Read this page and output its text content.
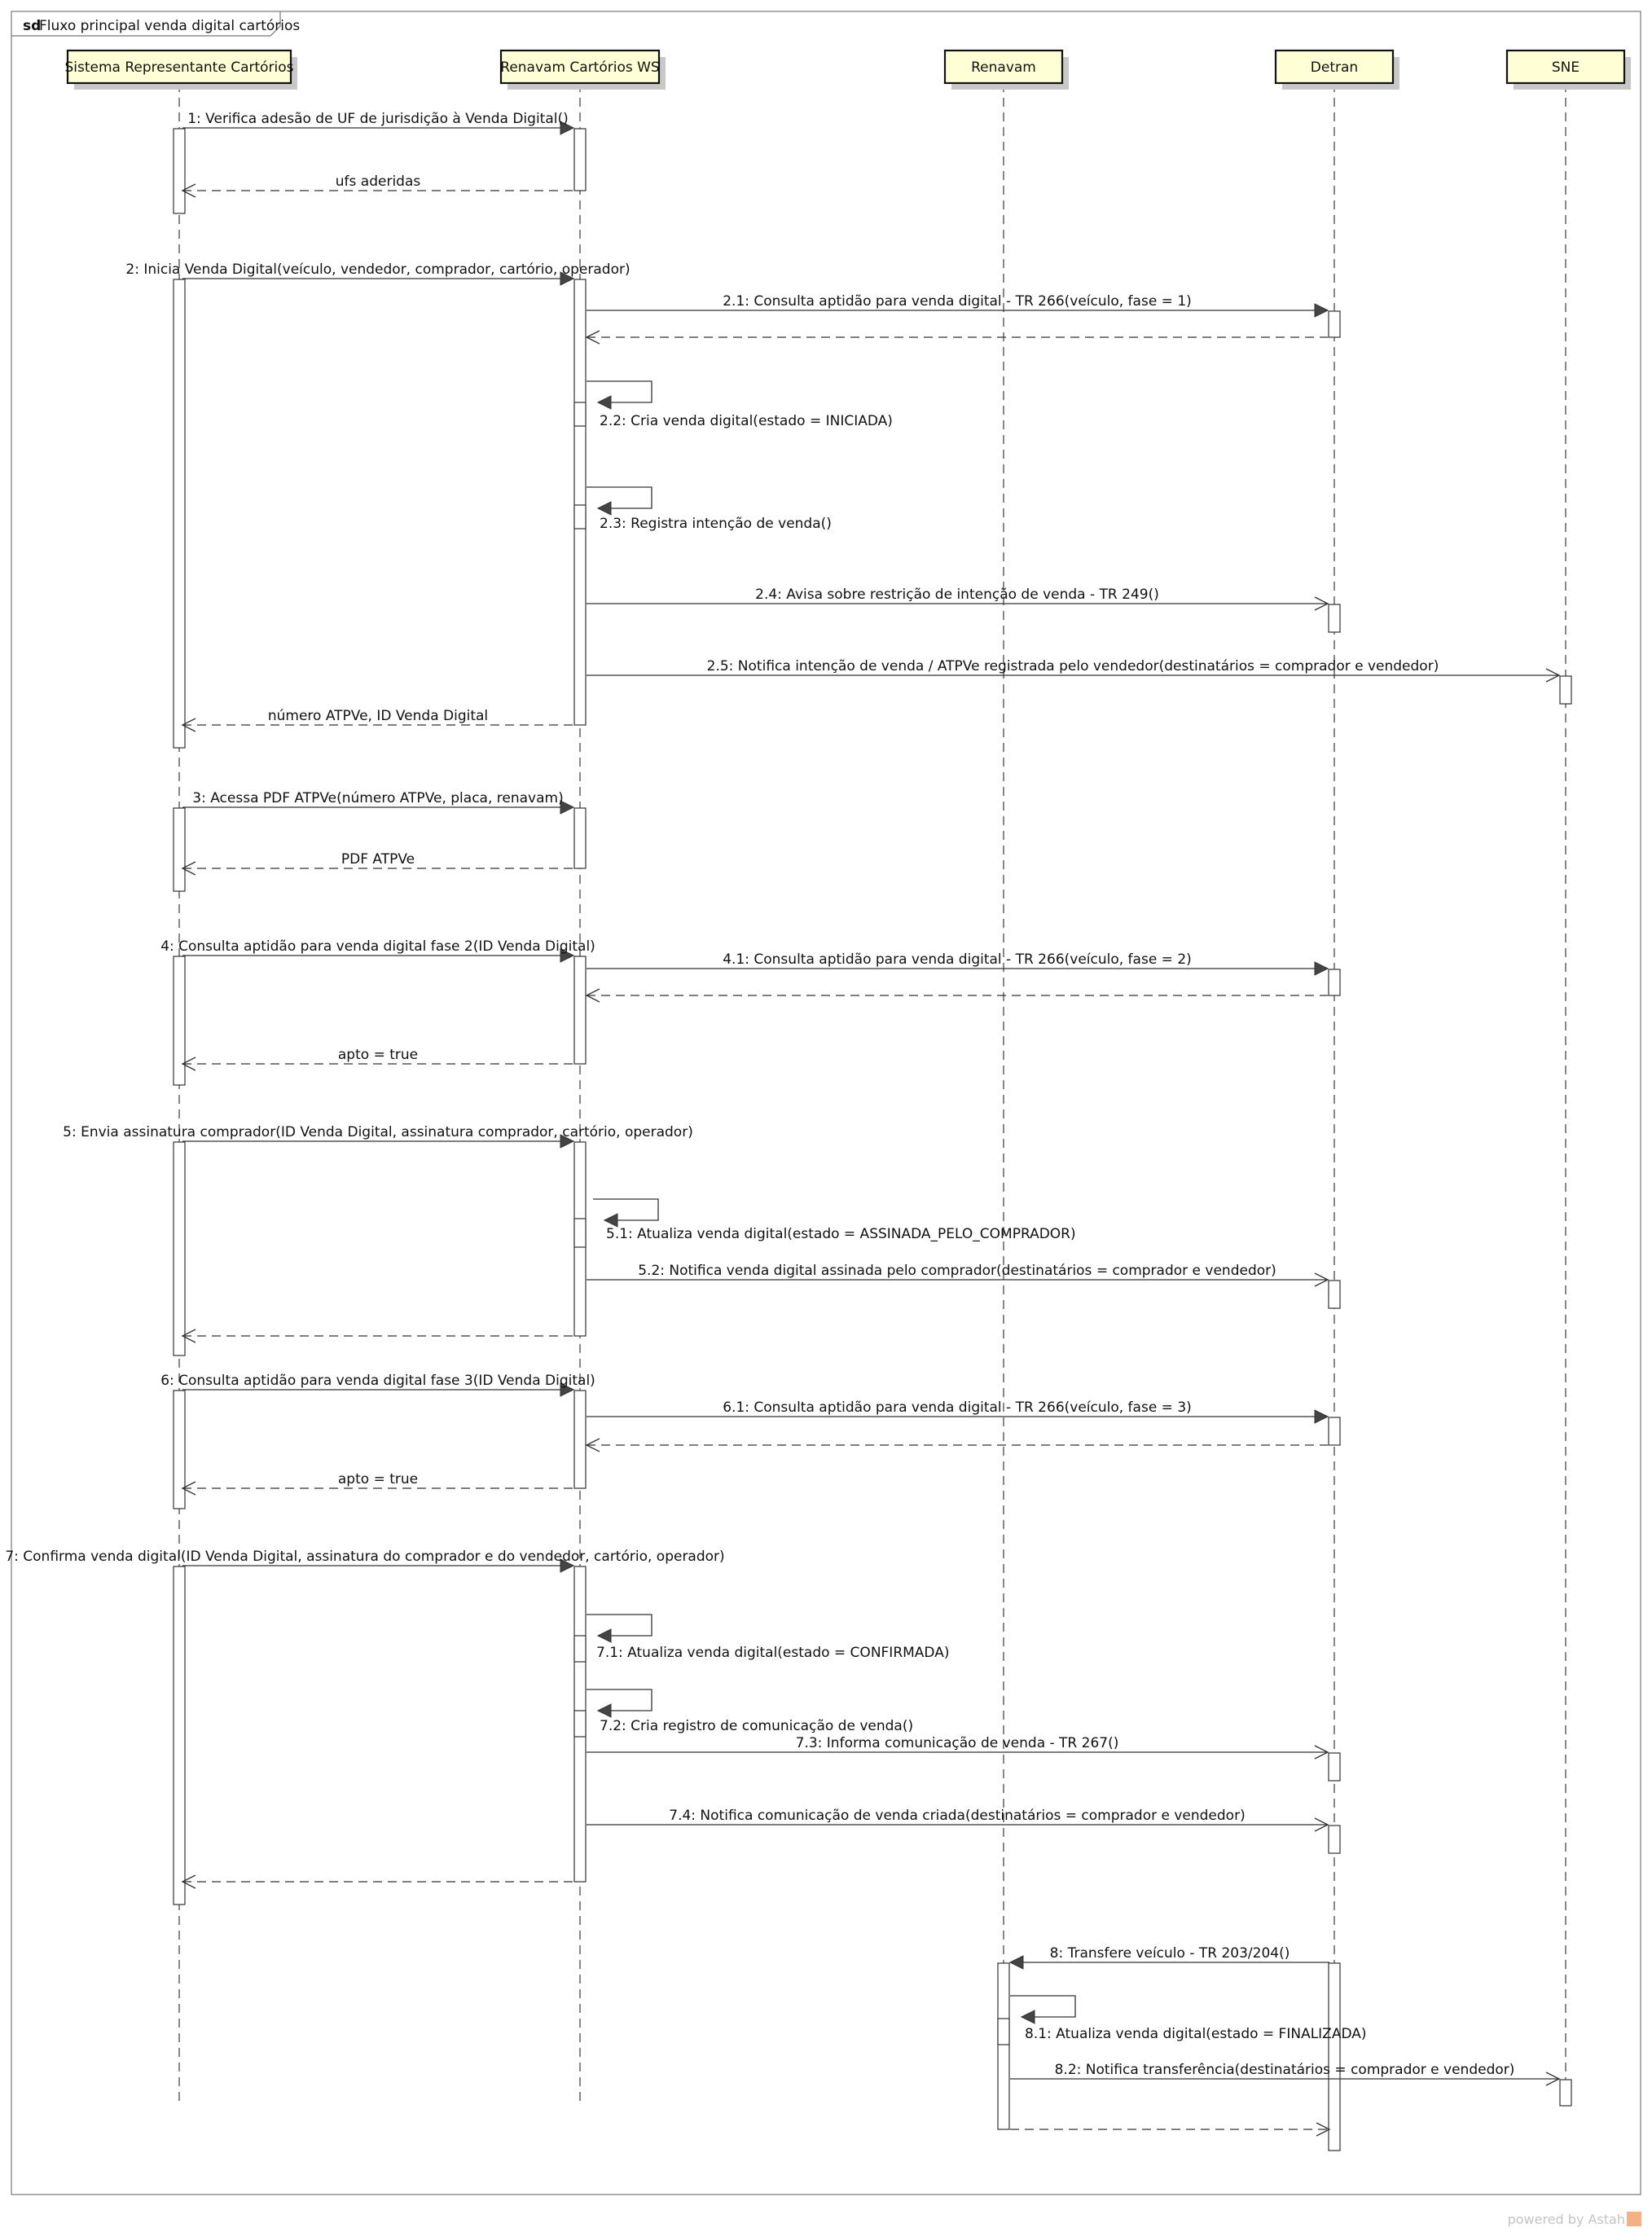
sd
Fluxo principal venda digital cartórios
Sistema Representante Cartórios	Renavam Cartórios WS	Renavam	Detran	SNE
1: Verifica adesão de UF de jurisdição à Venda Digital()
ufs aderidas
2: Inicia Venda Digital(veículo, vendedor, comprador, cartório, operador)
2.1: Consulta aptidão para venda digital - TR 266(veículo, fase = 1)
2.2: Cria venda digital(estado = INICIADA)
2.3: Registra intenção de venda()
2.4: Avisa sobre restrição de intenção de venda - TR 249()
2.5: Notifica intenção de venda / ATPVe registrada pelo vendedor(destinatários = comprador e vendedor)
número ATPVe, ID Venda Digital
3: Acessa PDF ATPVe(número ATPVe, placa, renavam)
PDF ATPVe
4: Consulta aptidão para venda digital fase 2(ID Venda Digital)
4.1: Consulta aptidão para venda digital - TR 266(veículo, fase = 2)
apto = true
5: Envia assinatura comprador(ID Venda Digital, assinatura comprador, cartório, operador)
5.1: Atualiza venda digital(estado = ASSINADA_PELO_COMPRADOR)
5.2: Notifica venda digital assinada pelo comprador(destinatários = comprador e vendedor)
6: Consulta aptidão para venda digital fase 3(ID Venda Digital)
6.1: Consulta aptidão para venda digital - TR 266(veículo, fase = 3)
apto = true
7: Confirma venda digital(ID Venda Digital, assinatura do comprador e do vendedor, cartório, operador)
7.1: Atualiza venda digital(estado = CONFIRMADA)
7.2: Cria registro de comunicação de venda()
7.3: Informa comunicação de venda - TR 267()
7.4: Notifica comunicação de venda criada(destinatários = comprador e vendedor)
8: Transfere veículo - TR 203/204()
8.1: Atualiza venda digital(estado = FINALIZADA)
8.2: Notifica transferência(destinatários = comprador e vendedor)
powered by Astah
